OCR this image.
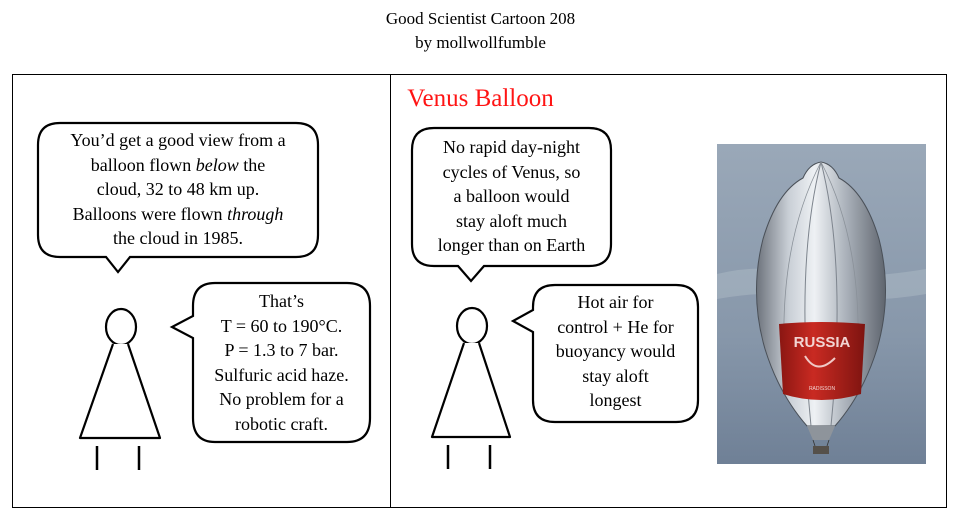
Good Scientist Cartoon 208
by mollwollfumble
Venus Balloon
You’d get a good view from a
balloon flown below the
cloud, 32 to 48 km up.
Balloons were flown through
the cloud in 1985.
That’s
T = 60 to 190°C.
P = 1.3 to 7 bar.
Sulfuric acid haze.
No problem for a
robotic craft.
No rapid day-night
cycles of Venus, so
a balloon would
stay aloft much
longer than on Earth
Hot air for
control + He for
buoyancy would
stay aloft
longest
RUSSIA
RADISSON
